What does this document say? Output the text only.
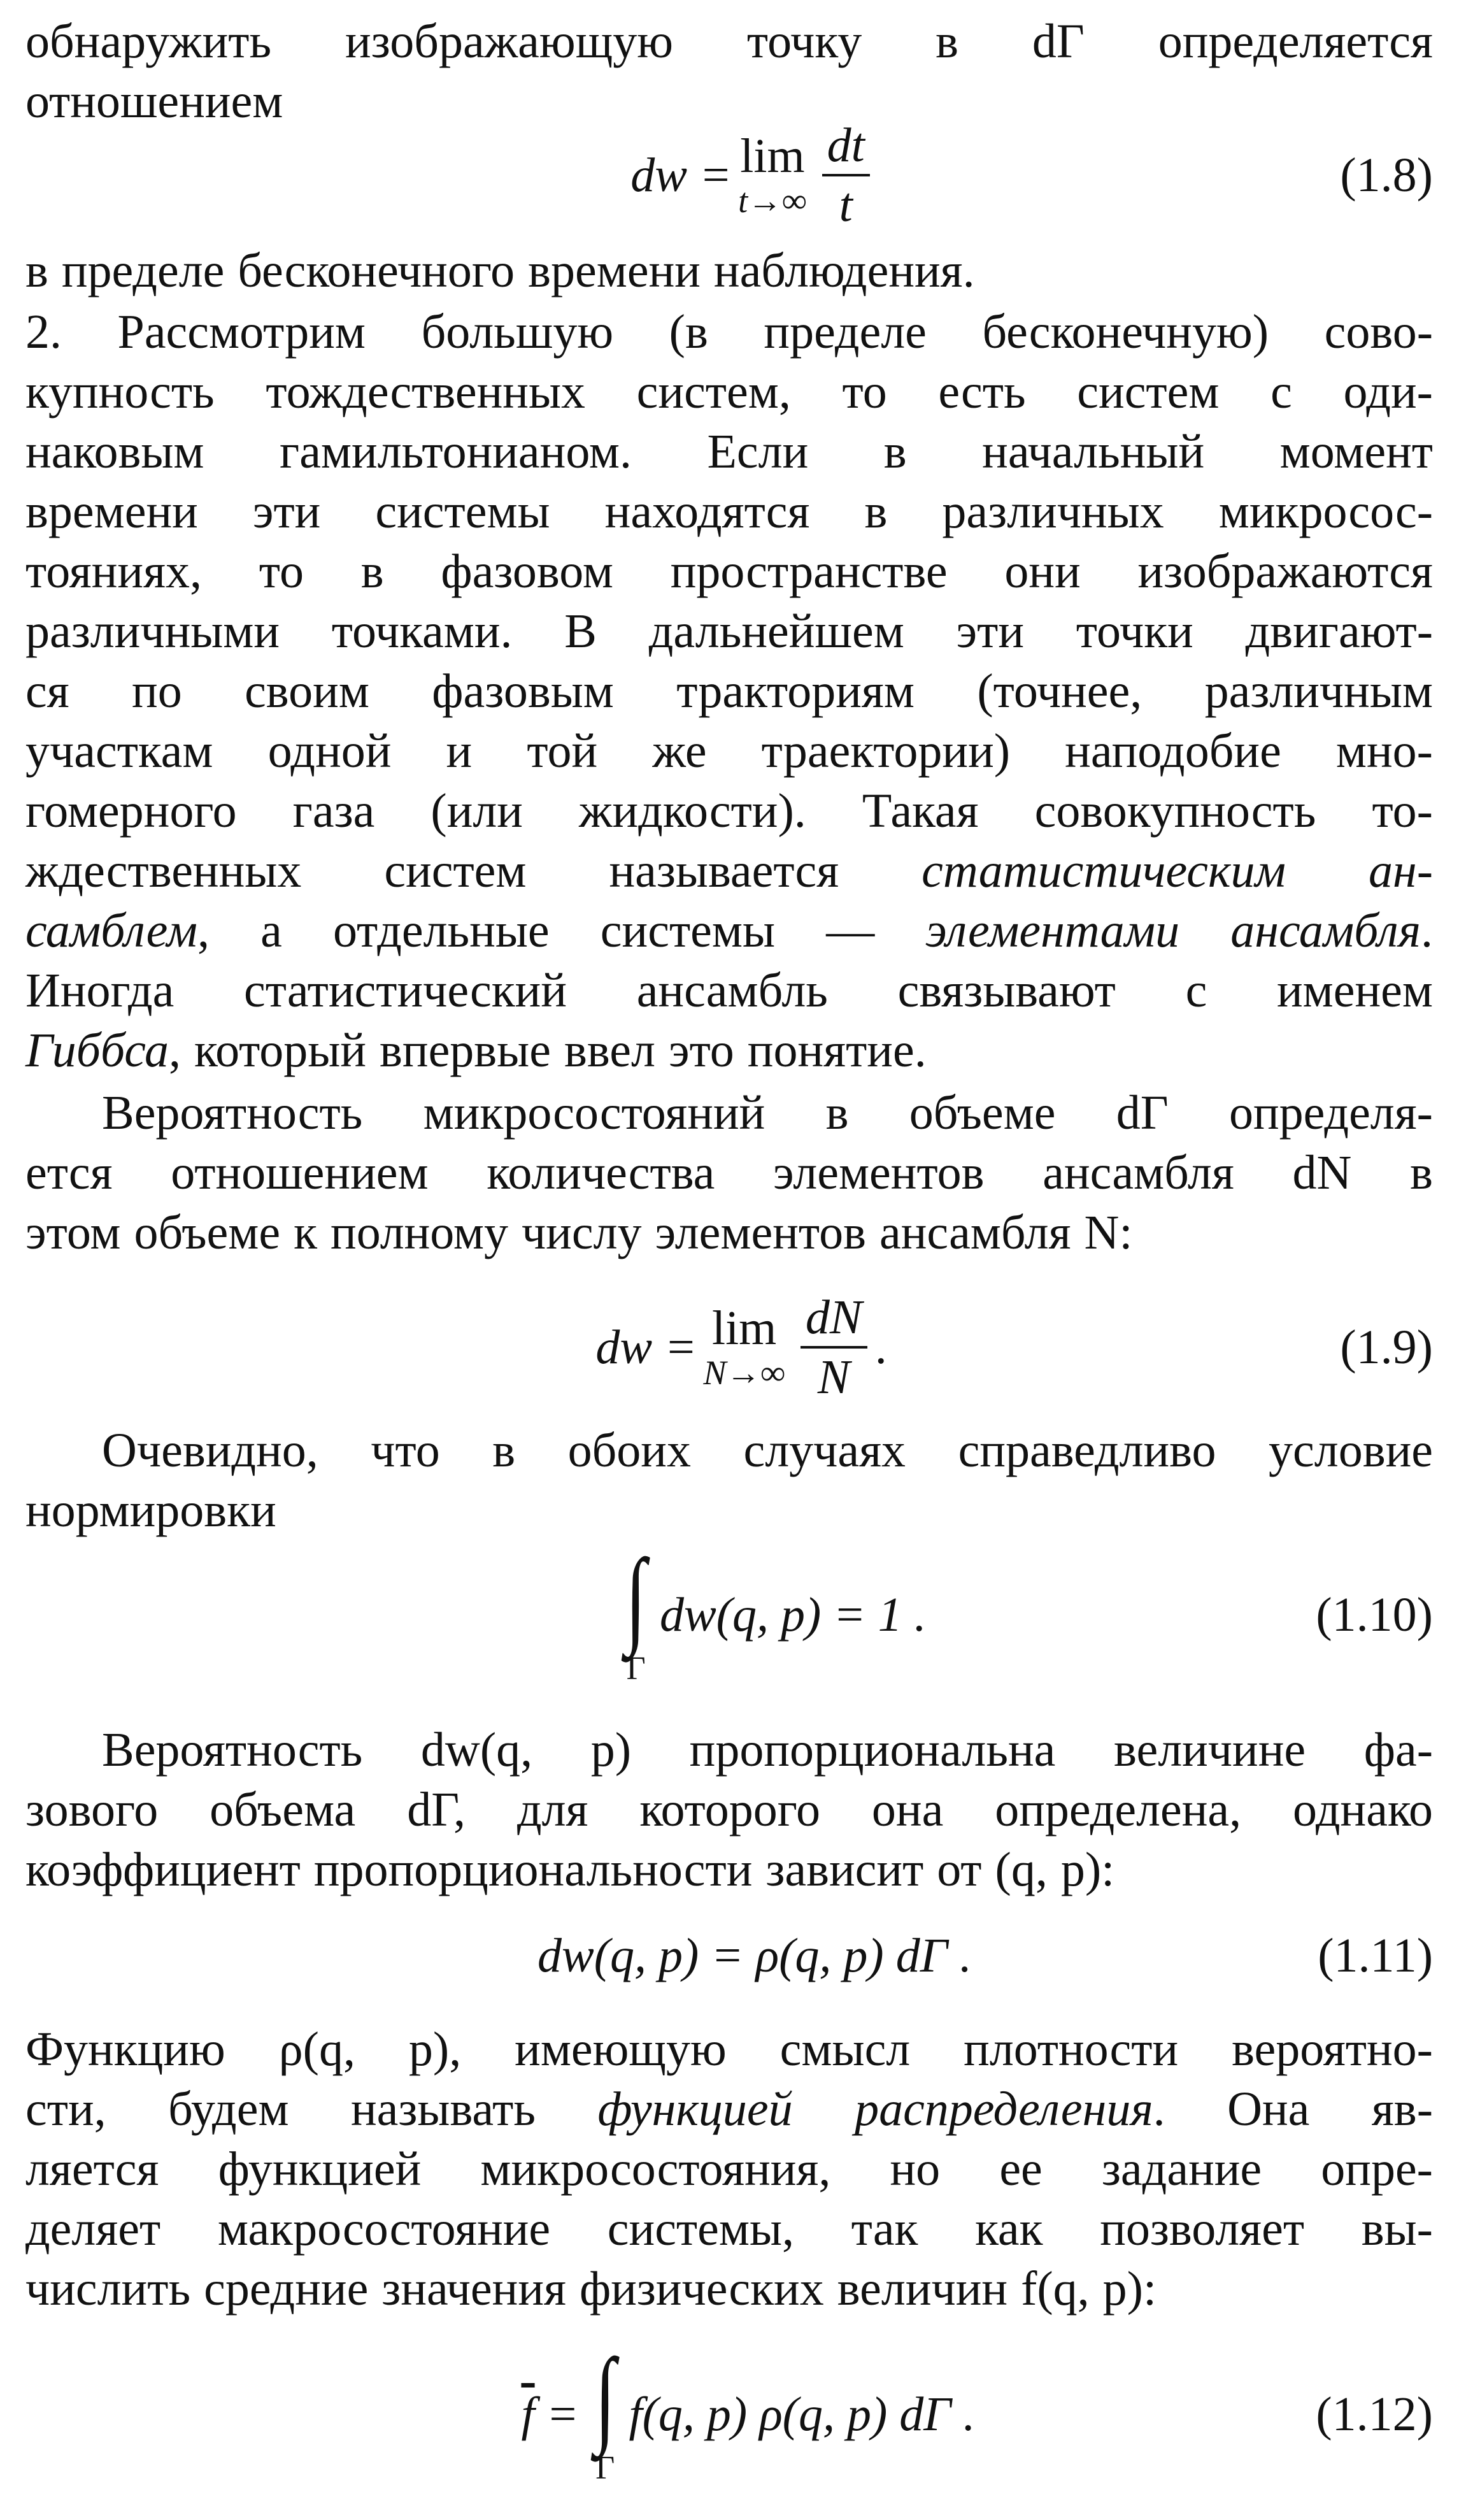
обнаружить изображающую точку в dΓ определяется
отношением

dw = lim
$t\to\infty \frac{dt}{t}$	(1.8)

в пределе бесконечного времени наблюдения.

2. Рассмотрим большую (в пределе бесконечную) сово-
купность тождественных систем, то есть систем с оди-
наковым гамильтонианом. Если в начальный момент
времени эти системы находятся в различных микросос-
тояниях, то в фазовом пространстве они изображаются
различными точками. В дальнейшем эти точки двигают-
ся по своим фазовым тракториям (точнее, различным
участкам одной и той же траектории) наподобие мно-
гомерного газа (или жидкости). Такая совокупность то-
ждественных систем называется статистическим ан-
самблем, а отдельные системы — элементами ансамбля.
Иногда статистический ансамбль связывают с именем
Гиббса, который впервые ввел это понятие.

Вероятность микросостояний в объеме dΓ определя-
ется отношением количества элементов ансамбля dN в
этом объеме к полному числу элементов ансамбля N:

dw = lim
$N\to\infty \frac{dN}{N}$ .	(1.9)

Очевидно, что в обоих случаях справедливо условие
нормировки

∫
Γ
dw(q, p) = 1 .	(1.10)

Вероятность dw(q, p) пропорциональна величине фа-
зового объема dΓ, для которого она определена, однако
коэффициент пропорциональности зависит от (q, p):

dw(q, p) = ρ(q, p) dΓ .	(1.11)

Функцию ρ(q, p), имеющую смысл плотности вероятно-
сти, будем называть функцией распределения. Она яв-
ляется функцией микросостояния, но ее задание опре-
деляет макросостояние системы, так как позволяет вы-
числить средние значения физических величин f(q, p):

$\overline{f}$ = ∫
Γ
f(q, p) ρ(q, p) dΓ .	(1.12)
